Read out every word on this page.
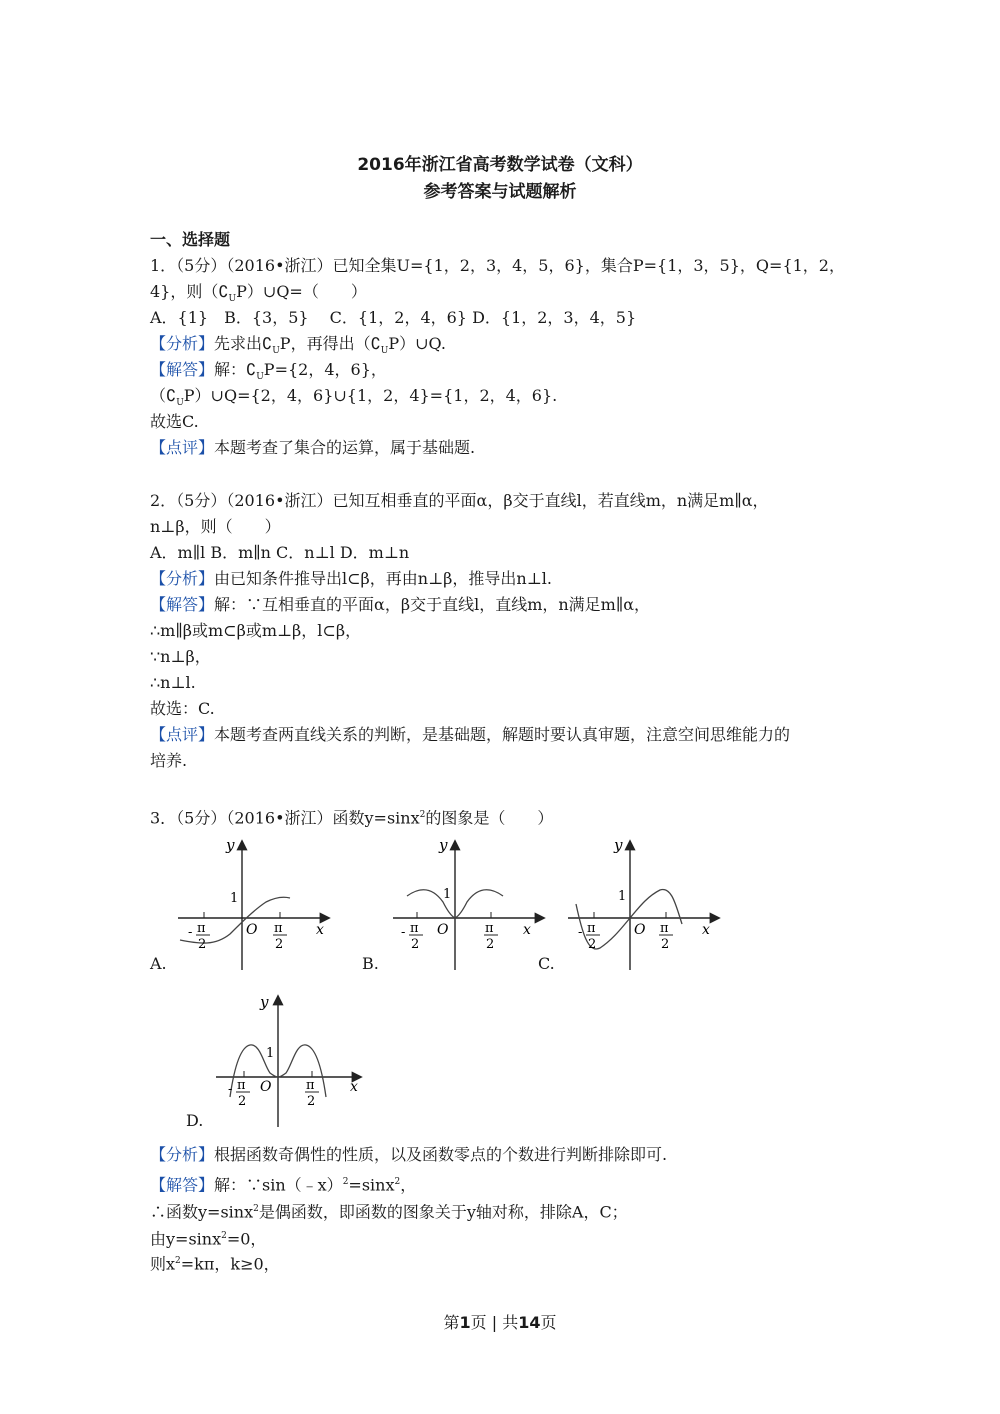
2016年浙江省高考数学试卷（文科）
参考答案与试题解析
一、选择题
1．（5分）（2016•浙江）已知全集U={1，2，3，4，5，6}，集合P={1，3，5}，Q={1，2，
4}，则$(∁_UP)\cup Q=$（　　）
A．{1}　B．{3，5}　 C．{1，2，4，6} D．{1，2，3，4，5}
【分析】先求出$∁_UP$，再得出$(∁_UP)\cup Q$.
【解答】解：$∁_UP=\{2$，4，6}，
$(∁_UP)\cup Q=\{2$，4，6}∪{1，2，4}={1，2，4，6}.
故选C.
【点评】本题考查了集合的运算，属于基础题.
2．（5分）（2016•浙江）已知互相垂直的平面α，β交于直线l，若直线m，n满足m∥α，
n⊥β，则（　　）
A．m∥l B．m∥n C．n⊥l D．m⊥n
【分析】由已知条件推导出l⊂β，再由n⊥β，推导出n⊥l.
【解答】解：∵互相垂直的平面α，β交于直线l，直线m，n满足m∥α，
∴m∥β或m⊂β或m⊥β，l⊂β，
∵n⊥β，
∴n⊥l.
故选：C.
【点评】本题考查两直线关系的判断，是基础题，解题时要认真审题，注意空间思维能力的
培养.
3．（5分）（2016•浙江）函数y=sinx$^2$的图象是（　　）
y
1
O	x
- π
2
π
2
A.
y
1
O	x
- π
2
π
2
B.
y
1
O	x
- π
2
π
2
C.
y
1
O	x
- π
2
π
2
D.
【分析】根据函数奇偶性的性质，以及函数零点的个数进行判断排除即可.
【解答】解：∵sin（﹣x）$^2$=sinx$^2$，
∴函数y=sinx$^2$是偶函数，即函数的图象关于y轴对称，排除A，C；
由y=sinx$^2$=0，
则$x^2=k\pi$，k≥0，
第1页 | 共14页
